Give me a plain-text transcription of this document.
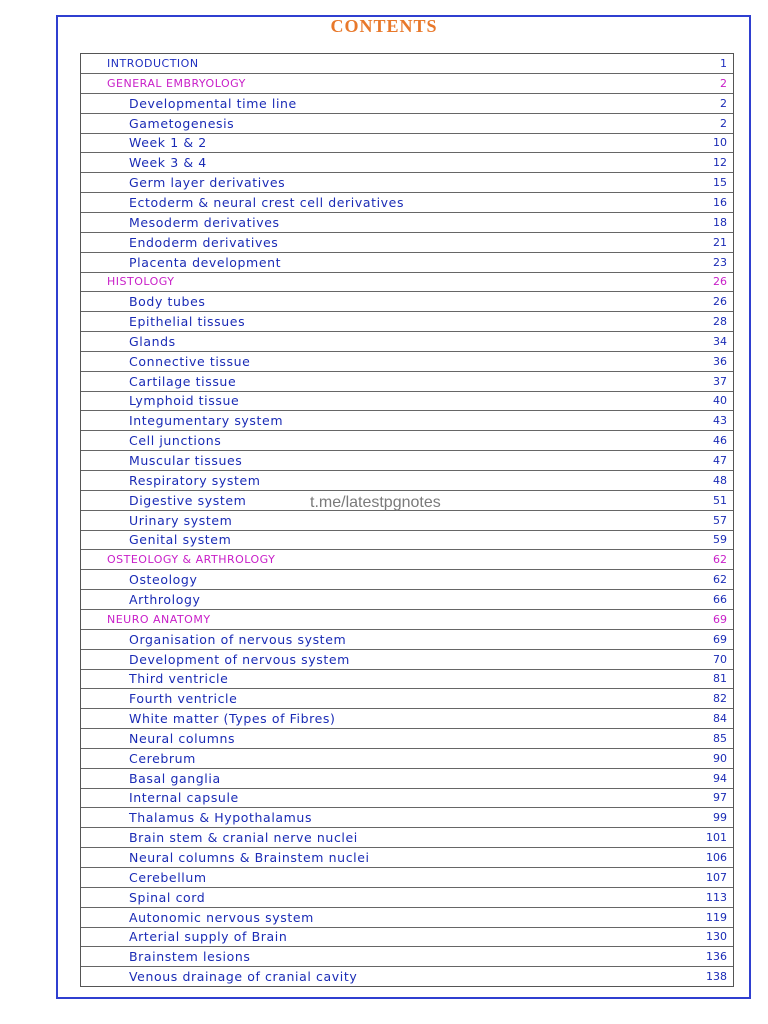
CONTENTS
INTRODUCTION	1
GENERAL EMBRYOLOGY	2
Developmental time line	2
Gametogenesis	2
Week 1 & 2	10
Week 3 & 4	12
Germ layer derivatives	15
Ectoderm & neural crest cell derivatives	16
Mesoderm derivatives	18
Endoderm derivatives	21
Placenta development	23
HISTOLOGY	26
Body tubes	26
Epithelial tissues	28
Glands	34
Connective tissue	36
Cartilage tissue	37
Lymphoid tissue	40
Integumentary system	43
Cell junctions	46
Muscular tissues	47
Respiratory system	48
Digestive system	51
Urinary system	57
Genital system	59
OSTEOLOGY & ARTHROLOGY	62
Osteology	62
Arthrology	66
NEURO ANATOMY	69
Organisation of nervous system	69
Development of nervous system	70
Third ventricle	81
Fourth ventricle	82
White matter (Types of Fibres)	84
Neural columns	85
Cerebrum	90
Basal ganglia	94
Internal capsule	97
Thalamus & Hypothalamus	99
Brain stem & cranial nerve nuclei	101
Neural columns & Brainstem nuclei	106
Cerebellum	107
Spinal cord	113
Autonomic nervous system	119
Arterial supply of Brain	130
Brainstem lesions	136
Venous drainage of cranial cavity	138
t.me/latestpgnotes
